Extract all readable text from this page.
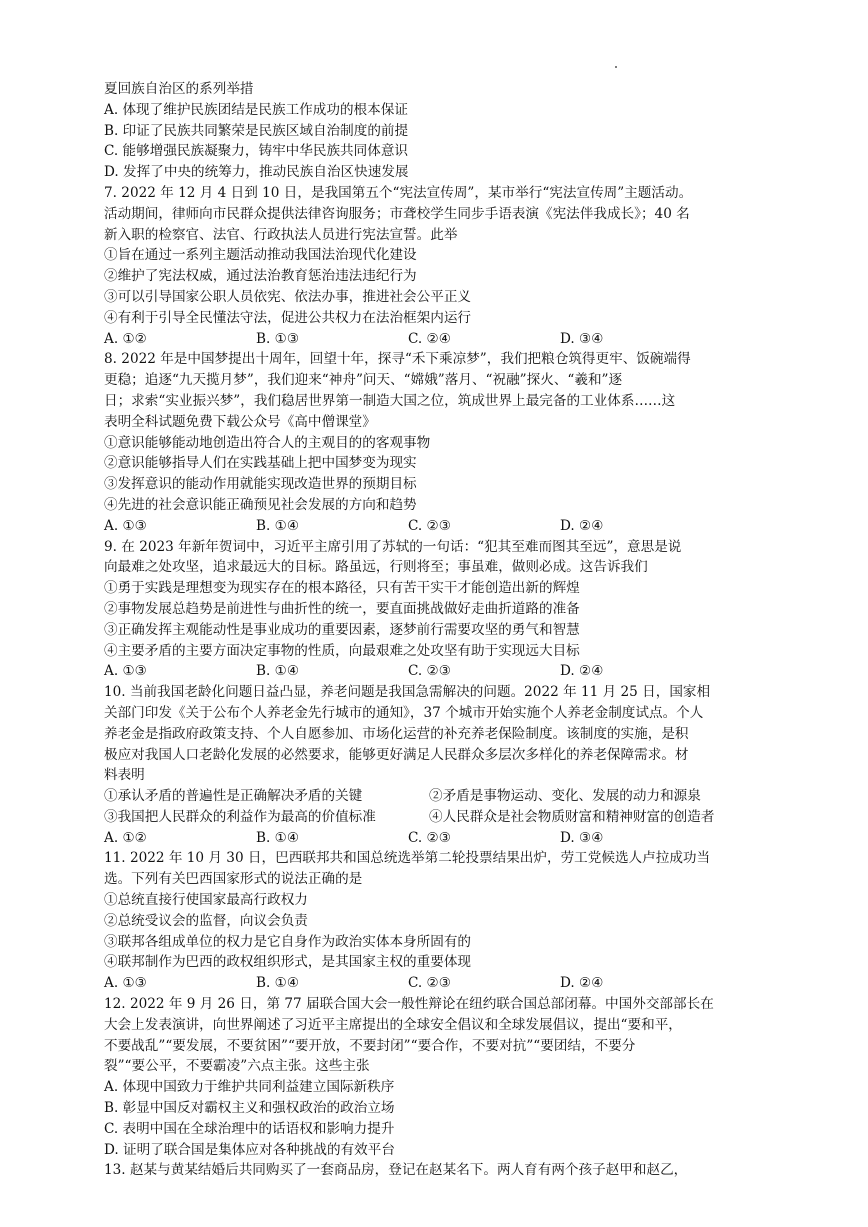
夏回族自治区的系列举措
A. 体现了维护民族团结是民族工作成功的根本保证
B. 印证了民族共同繁荣是民族区域自治制度的前提
C. 能够增强民族凝聚力，铸牢中华民族共同体意识
D. 发挥了中央的统筹力，推动民族自治区快速发展
7. 2022 年 12 月 4 日到 10 日，是我国第五个“宪法宣传周”，某市举行“宪法宣传周”主题活动。
活动期间，律师向市民群众提供法律咨询服务；市聋校学生同步手语表演《宪法伴我成长》；40 名
新入职的检察官、法官、行政执法人员进行宪法宣誓。此举
①旨在通过一系列主题活动推动我国法治现代化建设
②维护了宪法权威，通过法治教育惩治违法违纪行为
③可以引导国家公职人员依宪、依法办事，推进社会公平正义
④有利于引导全民懂法守法，促进公共权力在法治框架内运行
A. ①②	B. ①③	C. ②④	D. ③④
8. 2022 年是中国梦提出十周年，回望十年，探寻“禾下乘凉梦”，我们把粮仓筑得更牢、饭碗端得
更稳；追逐“九天揽月梦”，我们迎来“神舟”问天、“嫦娥”落月、“祝融”探火、“羲和”逐
日；求索“实业振兴梦”，我们稳居世界第一制造大国之位，筑成世界上最完备的工业体系……这
表明全科试题免费下载公众号《高中僧课堂》
①意识能够能动地创造出符合人的主观目的的客观事物
②意识能够指导人们在实践基础上把中国梦变为现实
③发挥意识的能动作用就能实现改造世界的预期目标
④先进的社会意识能正确预见社会发展的方向和趋势
A. ①③	B. ①④	C. ②③	D. ②④
9. 在 2023 年新年贺词中，习近平主席引用了苏轼的一句话：“犯其至难而图其至远”，意思是说
向最难之处攻坚，追求最远大的目标。路虽远，行则将至；事虽难，做则必成。这告诉我们
①勇于实践是理想变为现实存在的根本路径，只有苦干实干才能创造出新的辉煌
②事物发展总趋势是前进性与曲折性的统一，要直面挑战做好走曲折道路的准备
③正确发挥主观能动性是事业成功的重要因素，逐梦前行需要攻坚的勇气和智慧
④主要矛盾的主要方面决定事物的性质，向最艰难之处攻坚有助于实现远大目标
A. ①③	B. ①④	C. ②③	D. ②④
10. 当前我国老龄化问题日益凸显，养老问题是我国急需解决的问题。2022 年 11 月 25 日，国家相
关部门印发《关于公布个人养老金先行城市的通知》，37 个城市开始实施个人养老金制度试点。个人
养老金是指政府政策支持、个人自愿参加、市场化运营的补充养老保险制度。该制度的实施，是积
极应对我国人口老龄化发展的必然要求，能够更好满足人民群众多层次多样化的养老保障需求。材
料表明
①承认矛盾的普遍性是正确解决矛盾的关键	②矛盾是事物运动、变化、发展的动力和源泉
③我国把人民群众的利益作为最高的价值标准	④人民群众是社会物质财富和精神财富的创造者
A. ①②	B. ①④	C. ②③	D. ③④
11. 2022 年 10 月 30 日，巴西联邦共和国总统选举第二轮投票结果出炉，劳工党候选人卢拉成功当
选。下列有关巴西国家形式的说法正确的是
①总统直接行使国家最高行政权力
②总统受议会的监督，向议会负责
③联邦各组成单位的权力是它自身作为政治实体本身所固有的
④联邦制作为巴西的政权组织形式，是其国家主权的重要体现
A. ①③	B. ①④	C. ②③	D. ②④
12. 2022 年 9 月 26 日，第 77 届联合国大会一般性辩论在纽约联合国总部闭幕。中国外交部部长在
大会上发表演讲，向世界阐述了习近平主席提出的全球安全倡议和全球发展倡议，提出“要和平，
不要战乱”“要发展，不要贫困”“要开放，不要封闭”“要合作，不要对抗”“要团结，不要分
裂”“要公平，不要霸凌”六点主张。这些主张
A. 体现中国致力于维护共同利益建立国际新秩序
B. 彰显中国反对霸权主义和强权政治的政治立场
C. 表明中国在全球治理中的话语权和影响力提升
D. 证明了联合国是集体应对各种挑战的有效平台
13. 赵某与黄某结婚后共同购买了一套商品房，登记在赵某名下。两人育有两个孩子赵甲和赵乙，
